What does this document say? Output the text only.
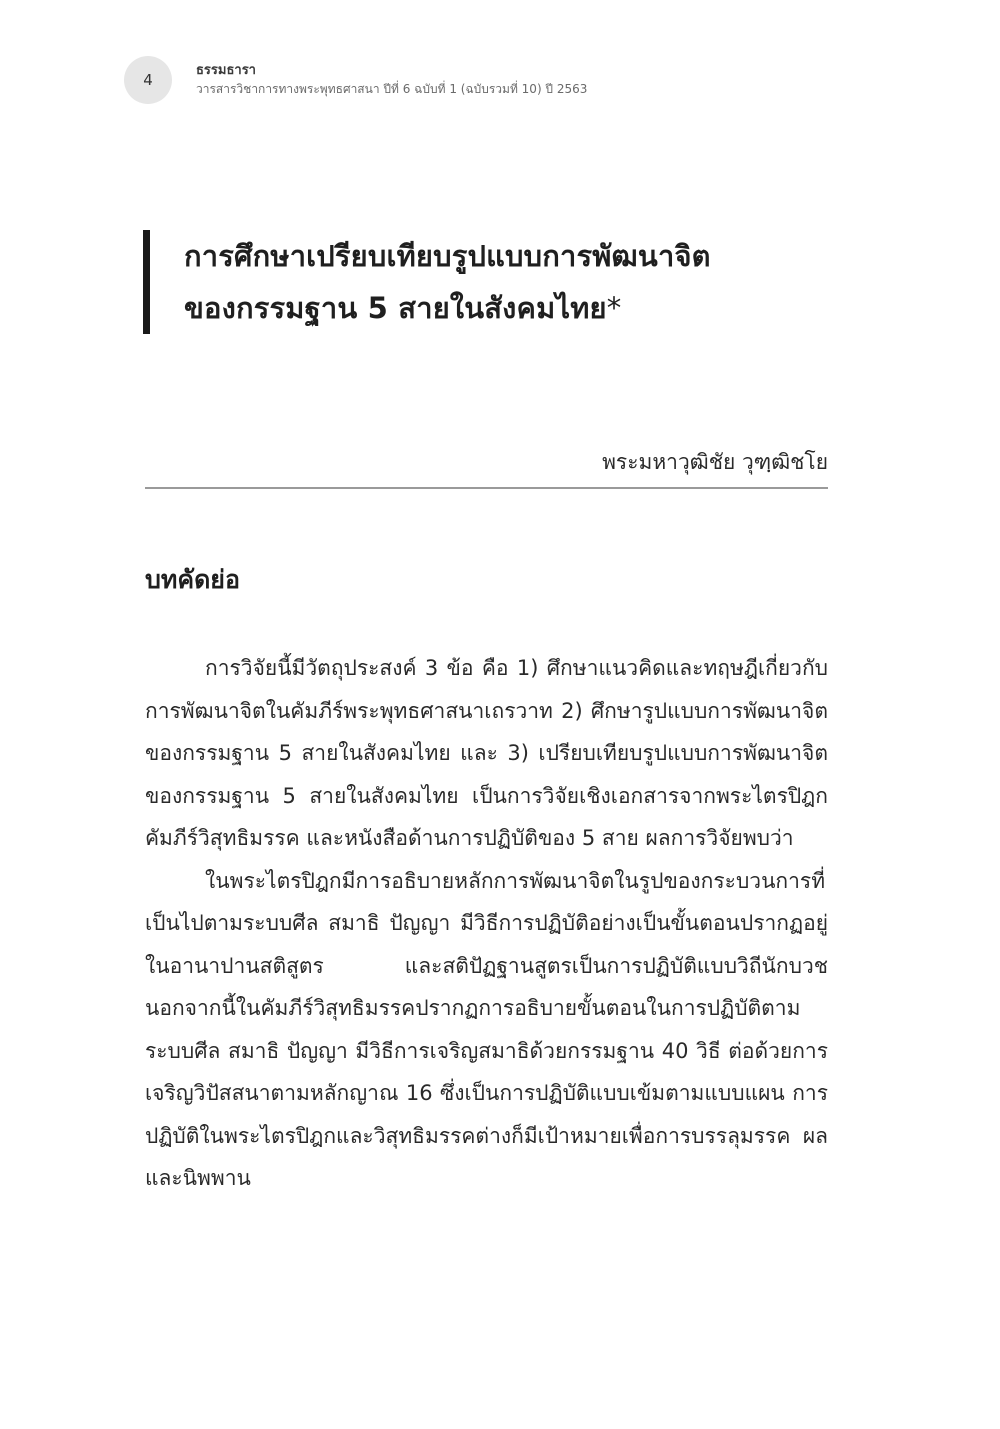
4
ธรรมธารา
วารสารวิชาการทางพระพุทธศาสนา ปีที่ 6 ฉบับที่ 1 (ฉบับรวมที่ 10) ปี 2563
การศึกษาเปรียบเทียบรูปแบบการพัฒนาจิต
ของกรรมฐาน 5 สายในสังคมไทย*
พระมหาวุฒิชัย วุฑฺฒิชโย
บทคัดย่อ

การวิจัยนี้มีวัตถุประสงค์ 3 ข้อ คือ 1) ศึกษาแนวคิดและทฤษฎีเกี่ยวกับการพัฒนาจิตในคัมภีร์พระพุทธศาสนาเถรวาท 2) ศึกษารูปแบบการพัฒนาจิตของกรรมฐาน 5 สายในสังคมไทย และ 3) เปรียบเทียบรูปแบบการพัฒนาจิตของกรรมฐาน 5 สายในสังคมไทย เป็นการวิจัยเชิงเอกสารจากพระไตรปิฎก คัมภีร์วิสุทธิมรรค และหนังสือด้านการปฏิบัติของ 5 สาย ผลการวิจัยพบว่า

ในพระไตรปิฎกมีการอธิบายหลักการพัฒนาจิตในรูปของกระบวนการที่เป็นไปตามระบบศีล สมาธิ ปัญญา มีวิธีการปฏิบัติอย่างเป็นขั้นตอนปรากฏอยู่ในอานาปานสติสูตร และสติปัฏฐานสูตรเป็นการปฏิบัติแบบวิถีนักบวช นอกจากนี้ในคัมภีร์วิสุทธิมรรคปรากฏการอธิบายขั้นตอนในการปฏิบัติตามระบบศีล สมาธิ ปัญญา มีวิธีการเจริญสมาธิด้วยกรรมฐาน 40 วิธี ต่อด้วยการเจริญวิปัสสนาตามหลักญาณ 16 ซึ่งเป็นการปฏิบัติแบบเข้มตามแบบแผน การปฏิบัติในพระไตรปิฎกและวิสุทธิมรรคต่างก็มีเป้าหมายเพื่อการบรรลุมรรค ผล และนิพพาน
